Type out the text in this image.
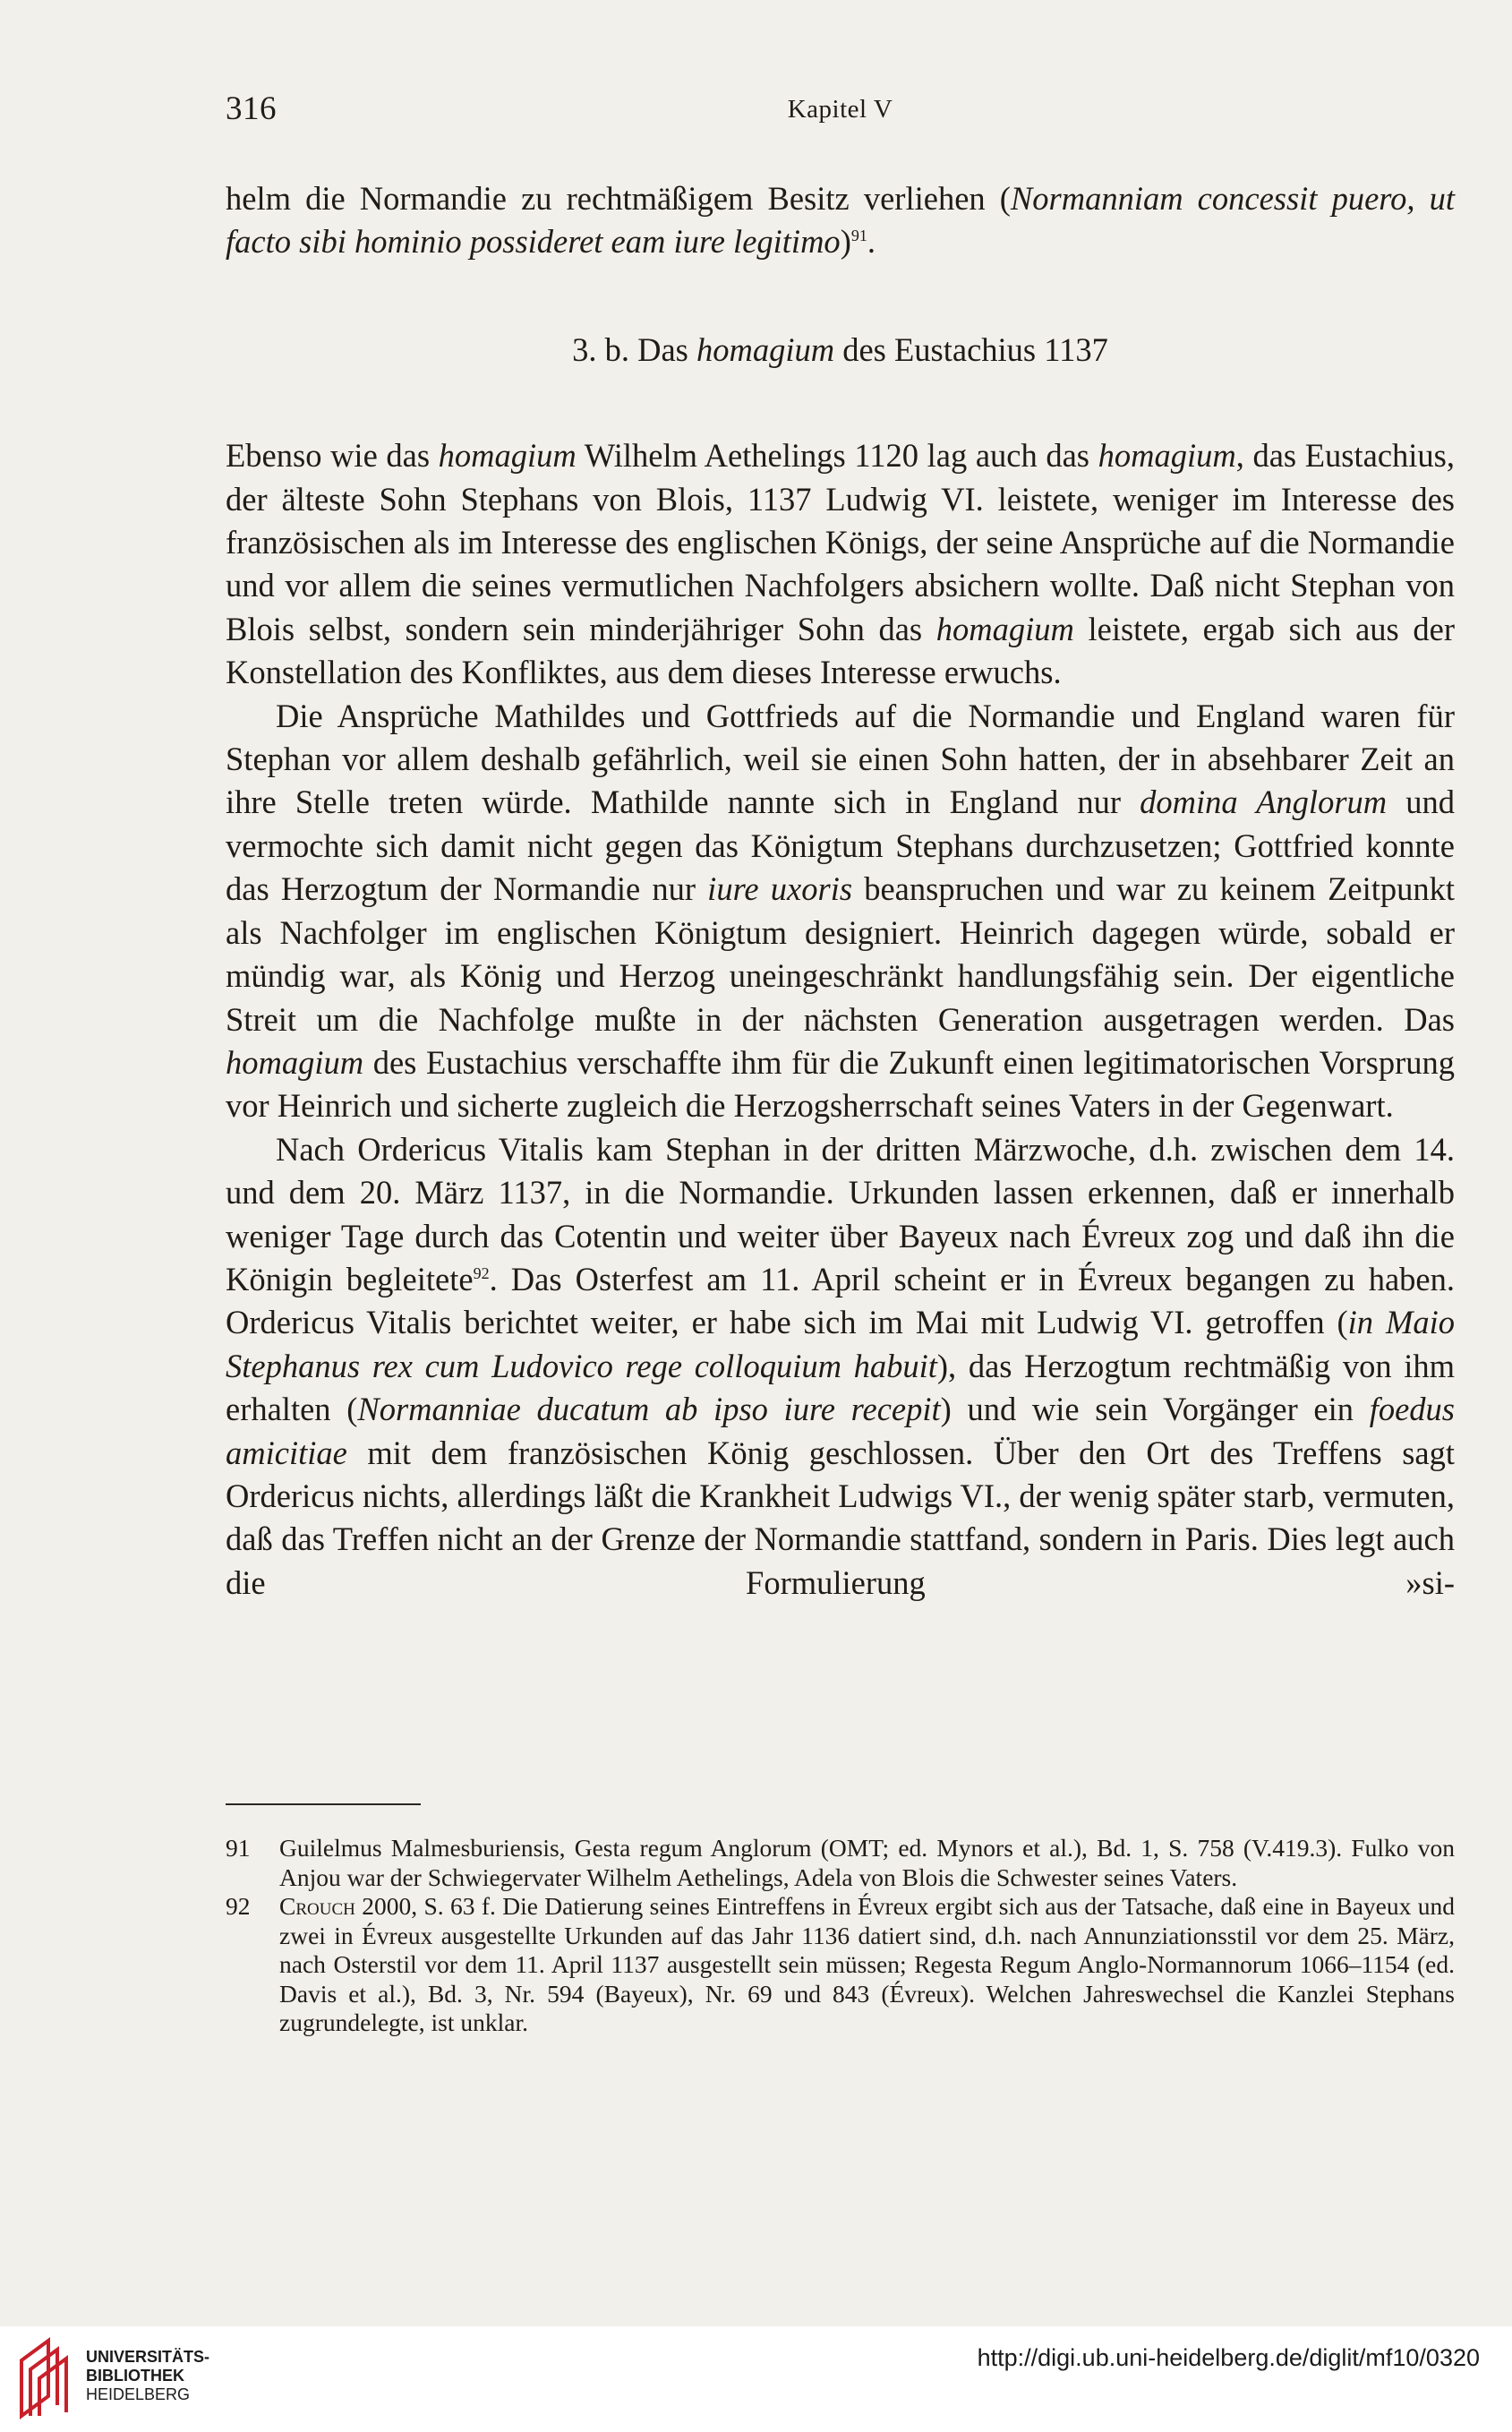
316	Kapitel V

helm die Normandie zu rechtmäßigem Besitz verliehen (Normanniam concessit puero, ut facto sibi hominio possideret eam iure legitimo)$^{91}$.

3. b. Das homagium des Eustachius 1137

Ebenso wie das homagium Wilhelm Aethelings 1120 lag auch das homagium, das Eustachius, der älteste Sohn Stephans von Blois, 1137 Ludwig VI. leistete, weniger im Interesse des französischen als im Interesse des englischen Königs, der seine Ansprüche auf die Normandie und vor allem die seines vermutlichen Nachfolgers absichern wollte. Daß nicht Stephan von Blois selbst, sondern sein minderjähriger Sohn das homagium leistete, ergab sich aus der Konstellation des Konfliktes, aus dem dieses Interesse erwuchs.

Die Ansprüche Mathildes und Gottfrieds auf die Normandie und England waren für Stephan vor allem deshalb gefährlich, weil sie einen Sohn hatten, der in absehbarer Zeit an ihre Stelle treten würde. Mathilde nannte sich in England nur domina Anglorum und vermochte sich damit nicht gegen das Königtum Stephans durchzusetzen; Gottfried konnte das Herzogtum der Normandie nur iure uxoris beanspruchen und war zu keinem Zeitpunkt als Nachfolger im englischen Königtum designiert. Heinrich dagegen würde, sobald er mündig war, als König und Herzog uneingeschränkt handlungsfähig sein. Der eigentliche Streit um die Nachfolge mußte in der nächsten Generation ausgetragen werden. Das homagium des Eustachius verschaffte ihm für die Zukunft einen legitimatorischen Vorsprung vor Heinrich und sicherte zugleich die Herzogsherrschaft seines Vaters in der Gegenwart.

Nach Ordericus Vitalis kam Stephan in der dritten Märzwoche, d.h. zwischen dem 14. und dem 20. März 1137, in die Normandie. Urkunden lassen erkennen, daß er innerhalb weniger Tage durch das Cotentin und weiter über Bayeux nach Évreux zog und daß ihn die Königin begleitete$^{92}$. Das Osterfest am 11. April scheint er in Évreux begangen zu haben. Ordericus Vitalis berichtet weiter, er habe sich im Mai mit Ludwig VI. getroffen (in Maio Stephanus rex cum Ludovico rege colloquium habuit), das Herzogtum rechtmäßig von ihm erhalten (Normanniae ducatum ab ipso iure recepit) und wie sein Vorgänger ein foedus amicitiae mit dem französischen König geschlossen. Über den Ort des Treffens sagt Ordericus nichts, allerdings läßt die Krankheit Ludwigs VI., der wenig später starb, vermuten, daß das Treffen nicht an der Grenze der Normandie stattfand, sondern in Paris. Dies legt auch die Formulierung »si-

91 Guilelmus Malmesburiensis, Gesta regum Anglorum (OMT; ed. Mynors et al.), Bd. 1, S. 758 (V.419.3). Fulko von Anjou war der Schwiegervater Wilhelm Aethelings, Adela von Blois die Schwester seines Vaters.
92 Crouch 2000, S. 63 f. Die Datierung seines Eintreffens in Évreux ergibt sich aus der Tatsache, daß eine in Bayeux und zwei in Évreux ausgestellte Urkunden auf das Jahr 1136 datiert sind, d.h. nach Annunziationsstil vor dem 25. März, nach Osterstil vor dem 11. April 1137 ausgestellt sein müssen; Regesta Regum Anglo-Normannorum 1066–1154 (ed. Davis et al.), Bd. 3, Nr. 594 (Bayeux), Nr. 69 und 843 (Évreux). Welchen Jahreswechsel die Kanzlei Stephans zugrundelegte, ist unklar.
UNIVERSITÄTS-
BIBLIOTHEK
HEIDELBERG
http://digi.ub.uni-heidelberg.de/diglit/mf10/0320
